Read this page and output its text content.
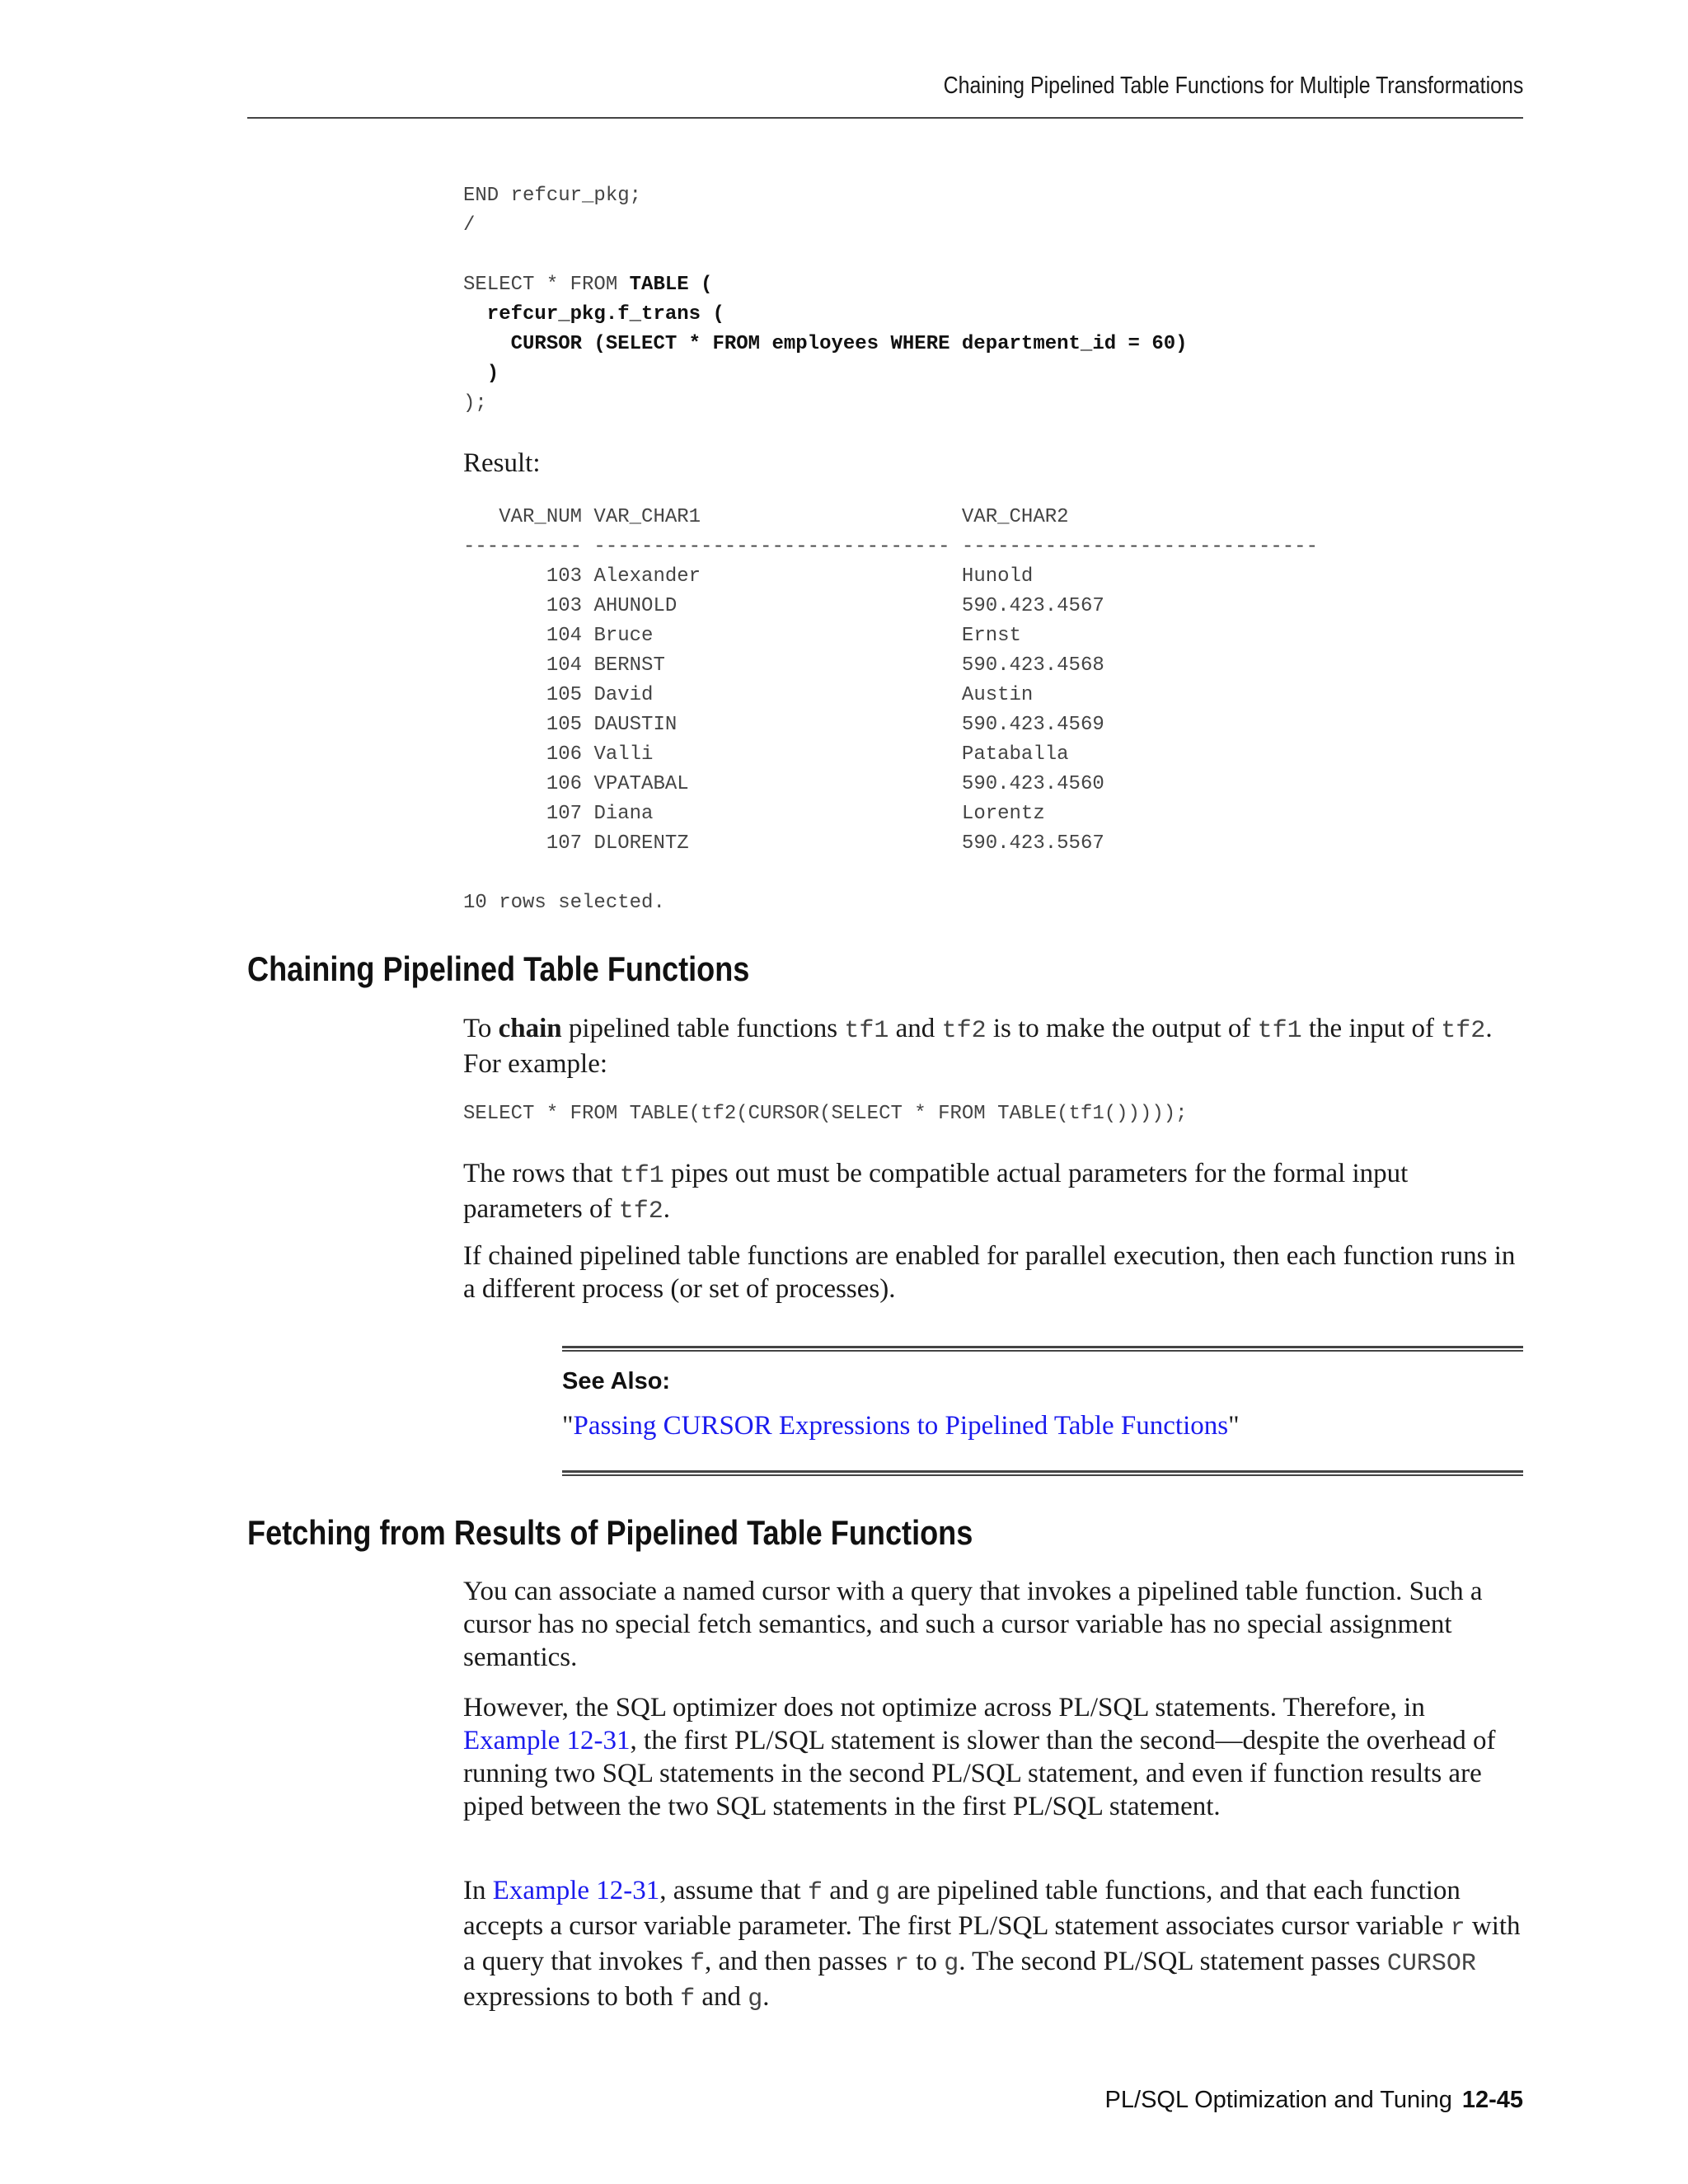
Chaining Pipelined Table Functions for Multiple Transformations
END refcur_pkg;
/

SELECT * FROM TABLE (
refcur_pkg.f_trans (
CURSOR (SELECT * FROM employees WHERE department_id = 60)
)
);

Result:

VAR_NUM VAR_CHAR1                      VAR_CHAR2
---------- ------------------------------ ------------------------------
103 Alexander                      Hunold
103 AHUNOLD                        590.423.4567
104 Bruce                          Ernst
104 BERNST                         590.423.4568
105 David                          Austin
105 DAUSTIN                        590.423.4569
106 Valli                          Pataballa
106 VPATABAL                       590.423.4560
107 Diana                          Lorentz
107 DLORENTZ                       590.423.5567

10 rows selected.
Chaining Pipelined Table Functions

To chain pipelined table functions tf1 and tf2 is to make the output of tf1 the input of tf2. For example:

SELECT * FROM TABLE(tf2(CURSOR(SELECT * FROM TABLE(tf1()))));

The rows that tf1 pipes out must be compatible actual parameters for the formal input parameters of tf2.

If chained pipelined table functions are enabled for parallel execution, then each function runs in a different process (or set of processes).

See Also:
"Passing CURSOR Expressions to Pipelined Table Functions"
Fetching from Results of Pipelined Table Functions

You can associate a named cursor with a query that invokes a pipelined table function. Such a cursor has no special fetch semantics, and such a cursor variable has no special assignment semantics.

However, the SQL optimizer does not optimize across PL/SQL statements. Therefore, in Example 12-31, the first PL/SQL statement is slower than the second—despite the overhead of running two SQL statements in the second PL/SQL statement, and even if function results are piped between the two SQL statements in the first PL/SQL statement.

In Example 12-31, assume that f and g are pipelined table functions, and that each function accepts a cursor variable parameter. The first PL/SQL statement associates cursor variable r with a query that invokes f, and then passes r to g. The second PL/SQL statement passes CURSOR expressions to both f and g.

PL/SQL Optimization and Tuning 12-45
